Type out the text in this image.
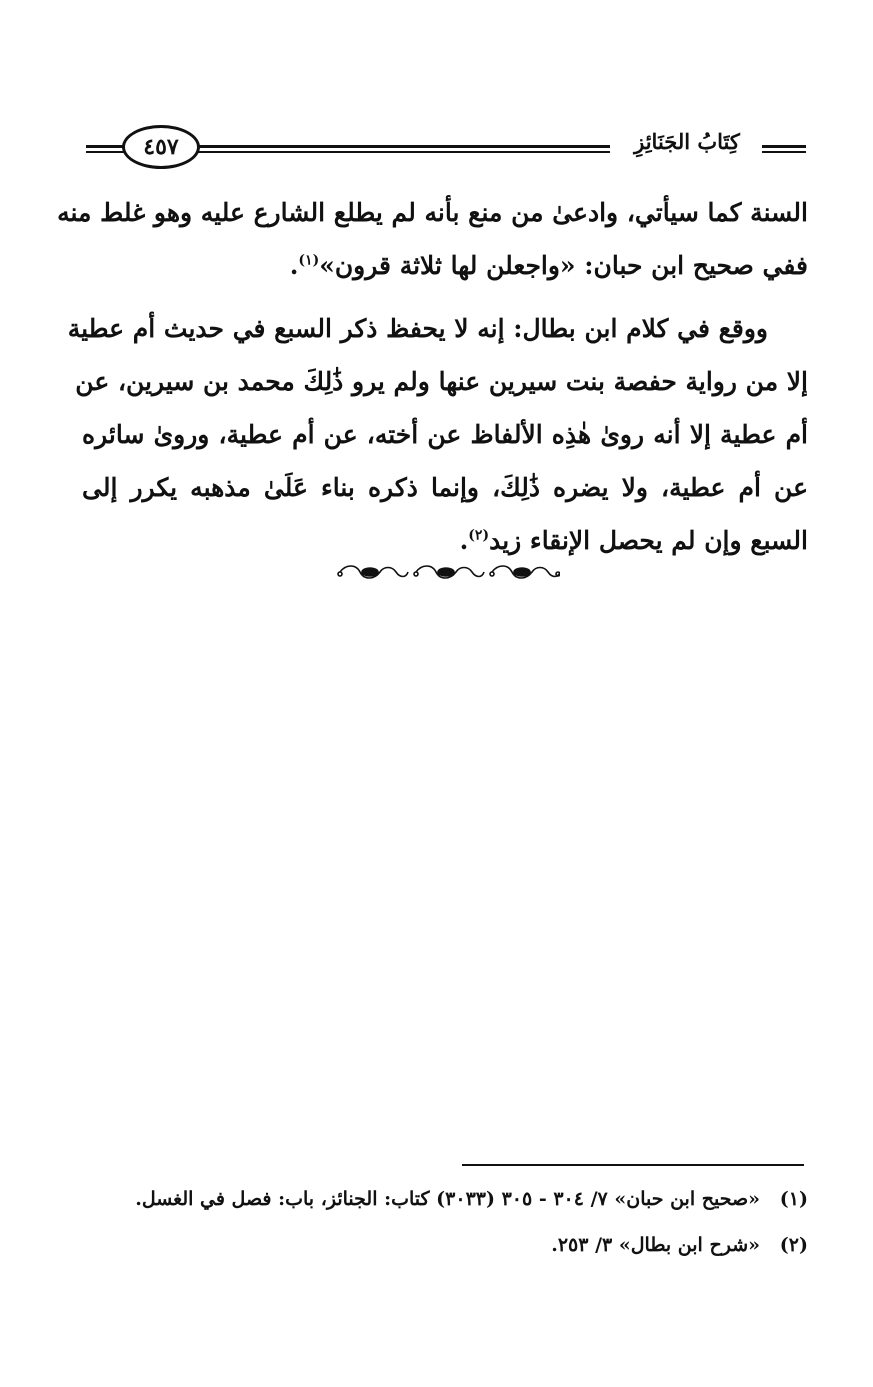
٤٥٧	كِتَابُ الجَنَائِزِ
السنة كما سيأتي، وادعىٰ من منع بأنه لم يطلع الشارع عليه وهو غلط منه
ففي صحيح ابن حبان: «واجعلن لها ثلاثة قرون»$^{(١)}$.
ووقع في كلام ابن بطال: إنه لا يحفظ ذكر السبع في حديث أم عطية
إلا من رواية حفصة بنت سيرين عنها ولم يرو ذَٰلِكَ محمد بن سيرين، عن
أم عطية إلا أنه روىٰ هٰذِه الألفاظ عن أخته، عن أم عطية، وروىٰ سائره
عن أم عطية، ولا يضره ذَٰلِكَ، وإنما ذكره بناء عَلَىٰ مذهبه يكرر إلى
السبع وإن لم يحصل الإنقاء زيد$^{(٢)}$.
(١)
«صحيح ابن حبان» ٧/ ٣٠٤ - ٣٠٥ (٣٠٣٣) كتاب: الجنائز، باب: فصل في الغسل.
(٢)
«شرح ابن بطال» ٣/ ٢٥٣.
